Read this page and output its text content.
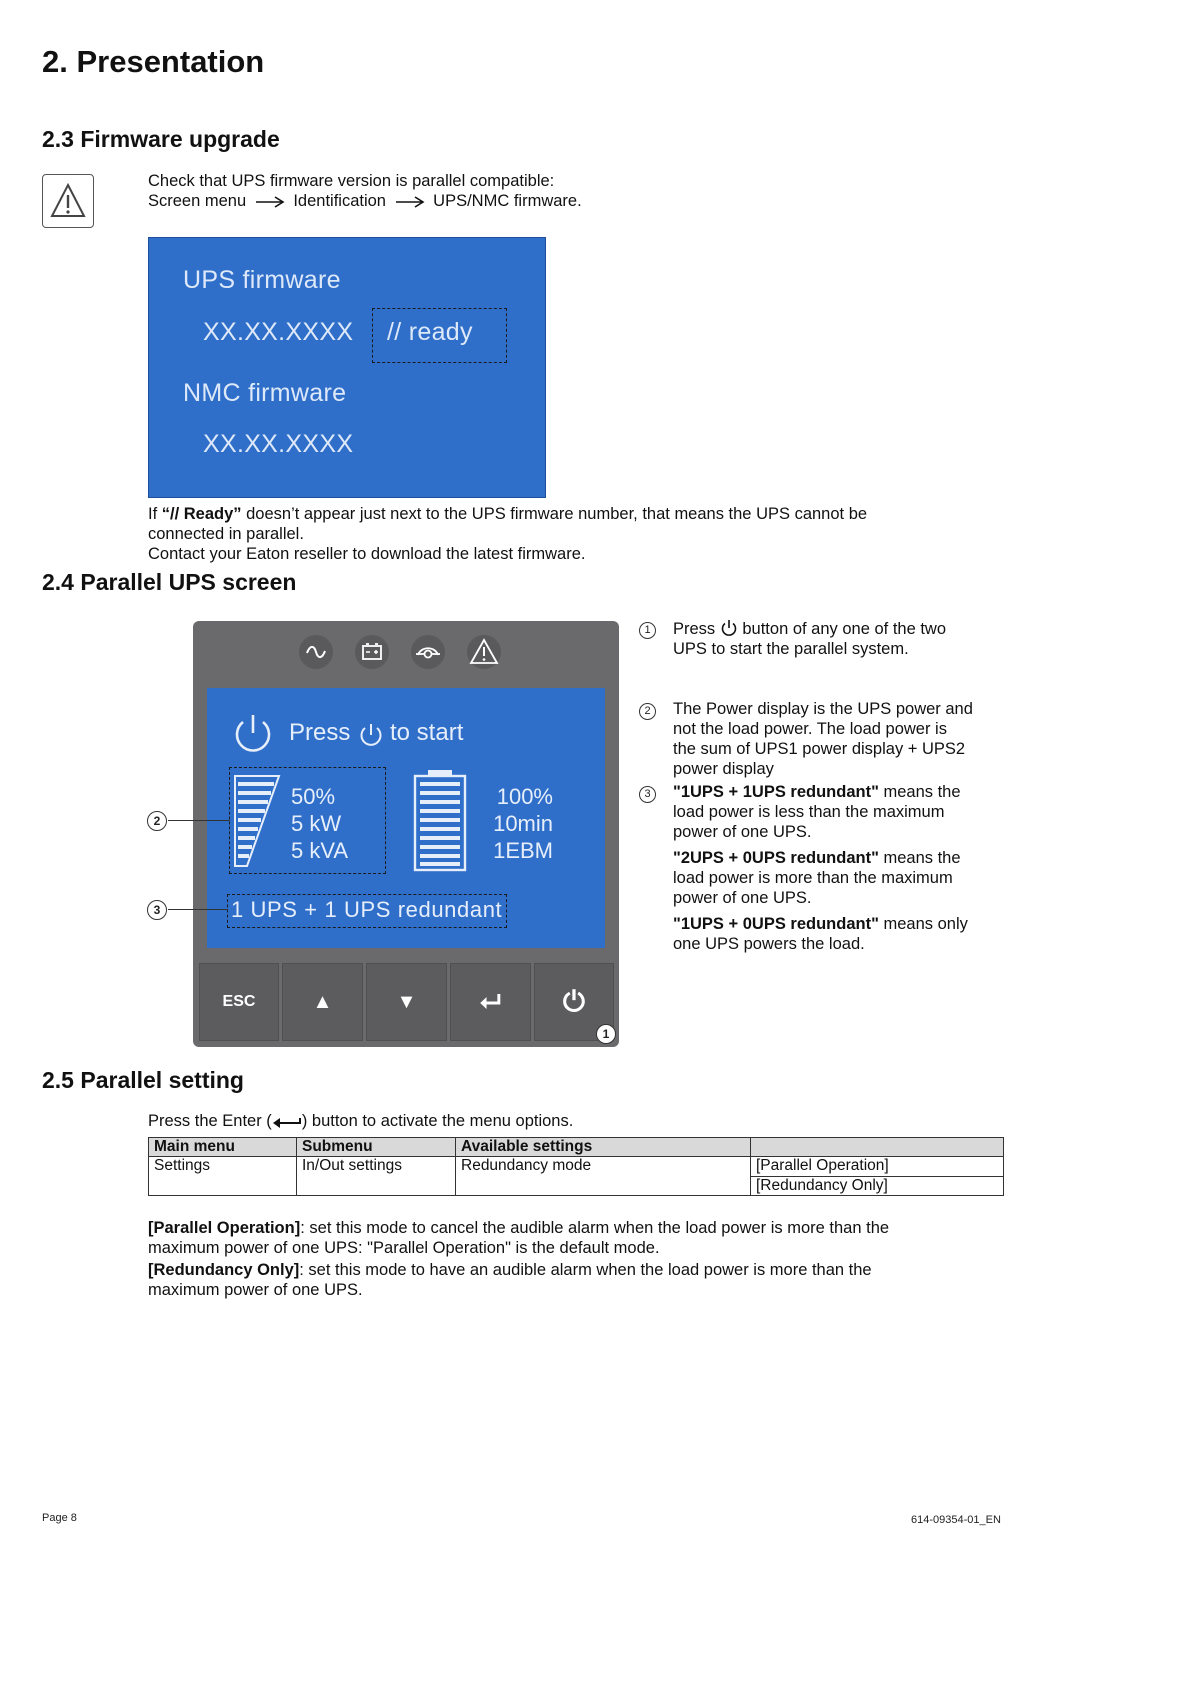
2. Presentation
2.3 Firmware upgrade
Check that UPS firmware version is parallel compatible:
Screen menu	Identification	UPS/NMC firmware.
UPS firmware
XX.XX.XXXX // ready
NMC firmware
XX.XX.XXXX
If “// Ready” doesn’t appear just next to the UPS firmware number, that means the UPS cannot be
connected in parallel.
Contact your Eaton reseller to download the latest firmware.
2.4 Parallel UPS screen
Press to start
50%
5 kW
5 kVA
100%
10min
1EBM
1 UPS + 1 UPS redundant
ESC	▲	▼	⮠	⏻
1
2
3
1	Press button of any one of the two
UPS to start the parallel system.
2	The Power display is the UPS power and
not the load power. The load power is
the sum of UPS1 power display + UPS2
power display
3	"1UPS + 1UPS redundant" means the
load power is less than the maximum
power of one UPS.
"2UPS + 0UPS redundant" means the
load power is more than the maximum
power of one UPS.
"1UPS + 0UPS redundant" means only
one UPS powers the load.
2.5 Parallel setting
Press the Enter ( ) button to activate the menu options.
Main menu	Submenu	Available settings	
Settings	In/Out settings	Redundancy mode	[Parallel Operation]
			[Redundancy Only]
[Parallel Operation]: set this mode to cancel the audible alarm when the load power is more than the
maximum power of one UPS: "Parallel Operation" is the default mode.
[Redundancy Only]: set this mode to have an audible alarm when the load power is more than the
maximum power of one UPS.
Page 8	614-09354-01_EN
